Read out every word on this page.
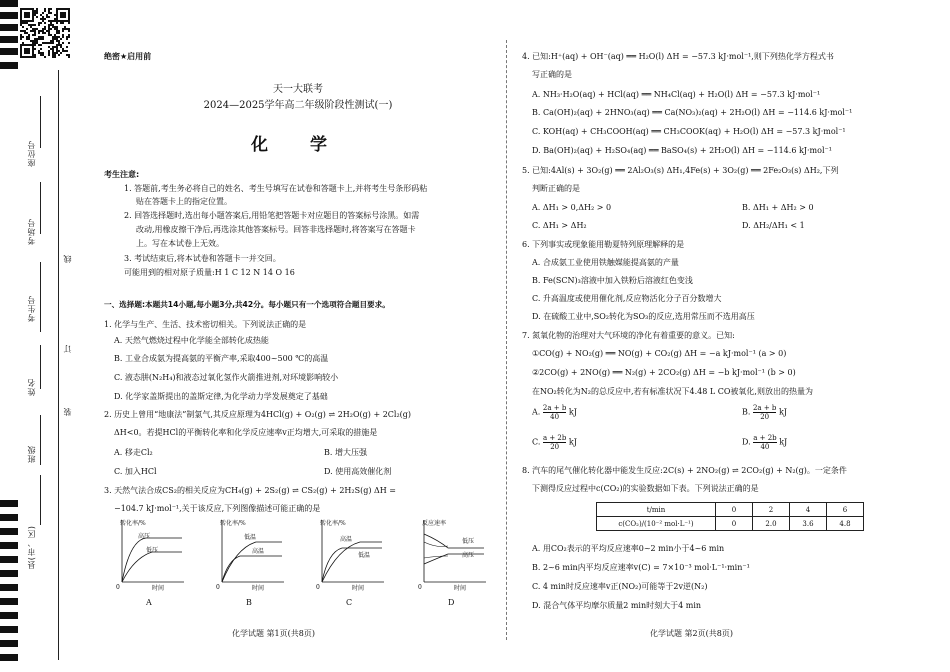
座位号
考场号
考生号
姓名
班级
县(市、区)
线
订
装
绝密★启用前
天一大联考
2024—2025学年高二年级阶段性测试(一)
化 学
考生注意:
1. 答题前,考生务必将自己的姓名、考生号填写在试卷和答题卡上,并将考生号条形码粘
贴在答题卡上的指定位置。
2. 回答选择题时,选出每小题答案后,用铅笔把答题卡对应题目的答案标号涂黑。如需
改动,用橡皮擦干净后,再选涂其他答案标号。回答非选择题时,将答案写在答题卡
上。写在本试卷上无效。
3. 考试结束后,将本试卷和答题卡一并交回。
可能用到的相对原子质量:H 1 C 12 N 14 O 16
一、选择题:本题共14小题,每小题3分,共42分。每小题只有一个选项符合题目要求。
1. 化学与生产、生活、技术密切相关。下列说法正确的是
A. 天然气燃烧过程中化学能全部转化成热能
B. 工业合成氨为提高氨的平衡产率,采取400~500 ℃的高温
C. 液态肼(N₂H₄)和液态过氧化氢作火箭推进剂,对环境影响较小
D. 化学家盖斯提出的盖斯定律,为化学动力学发展奠定了基础
2. 历史上曾用“地康法”制氯气,其反应原理为4HCl(g) + O₂(g) ⇌ 2H₂O(g) + 2Cl₂(g)
ΔH<0。若提HCl的平衡转化率和化学反应速率v正均增大,可采取的措施是
A. 移走Cl₂	B. 增大压强
C. 加入HCl	D. 使用高效催化剂
3. 天然气法合成CS₂的相关反应为CH₄(g) + 2S₂(g) ⇌ CS₂(g) + 2H₂S(g) ΔH =
−104.7 kJ·mol⁻¹,关于该反应,下列图像描述可能正确的是
转化率/%
高压
低压
0	时间
A
转化率/%
低温
高温
0	时间
B
转化率/%
高温
低温
0	时间
C
反应速率
低压
高压
0	时间
D
化学试题 第1页(共8页)
4. 已知:H⁺(aq) + OH⁻(aq) ══ H₂O(l) ΔH = −57.3 kJ·mol⁻¹,则下列热化学方程式书
写正确的是
A. NH₃·H₂O(aq) + HCl(aq) ══ NH₄Cl(aq) + H₂O(l) ΔH = −57.3 kJ·mol⁻¹
B. Ca(OH)₂(aq) + 2HNO₃(aq) ══ Ca(NO₃)₂(aq) + 2H₂O(l) ΔH = −114.6 kJ·mol⁻¹
C. KOH(aq) + CH₃COOH(aq) ══ CH₃COOK(aq) + H₂O(l) ΔH = −57.3 kJ·mol⁻¹
D. Ba(OH)₂(aq) + H₂SO₄(aq) ══ BaSO₄(s) + 2H₂O(l) ΔH = −114.6 kJ·mol⁻¹
5. 已知:4Al(s) + 3O₂(g) ══ 2Al₂O₃(s) ΔH₁,4Fe(s) + 3O₂(g) ══ 2Fe₂O₃(s) ΔH₂,下列
判断正确的是
A. ΔH₁ > 0,ΔH₂ > 0	B. ΔH₁ + ΔH₂ > 0
C. ΔH₁ > ΔH₂	D. ΔH₂/ΔH₁ < 1
6. 下列事实或现象能用勒夏特列原理解释的是
A. 合成氨工业使用铁触媒能提高氨的产量
B. Fe(SCN)₃溶液中加入铁粉后溶液红色变浅
C. 升高温度或使用催化剂,反应物活化分子百分数增大
D. 在硫酸工业中,SO₂转化为SO₃的反应,选用常压而不选用高压
7. 氮氧化物的治理对大气环境的净化有着重要的意义。已知:
①CO(g) + NO₂(g) ══ NO(g) + CO₂(g) ΔH = −a kJ·mol⁻¹ (a > 0)
②2CO(g) + 2NO(g) ══ N₂(g) + 2CO₂(g) ΔH = −b kJ·mol⁻¹ (b > 0)
在NO₂转化为N₂的总反应中,若有标准状况下4.48 L CO被氧化,则放出的热量为
A. $\frac{2a + b}{40}$ kJ	B. $\frac{2a + b}{20}$ kJ
C. $\frac{a + 2b}{20}$ kJ	D. $\frac{a + 2b}{40}$ kJ
8. 汽车的尾气催化转化器中能发生反应:2C(s) + 2NO₂(g) ⇌ 2CO₂(g) + N₂(g)。一定条件
下测得反应过程中c(CO₂)的实验数据如下表。下列说法正确的是
t/min	0	2	4	6
c(CO₂)/(10⁻² mol·L⁻¹)	0	2.0	3.6	4.8
A. 用CO₂表示的平均反应速率0~2 min小于4~6 min
B. 2~6 min内平均反应速率v(C) = 7×10⁻³ mol·L⁻¹·min⁻¹
C. 4 min时反应速率v正(NO₂)可能等于2v逆(N₂)
D. 混合气体平均摩尔质量2 min时刻大于4 min
化学试题 第2页(共8页)
